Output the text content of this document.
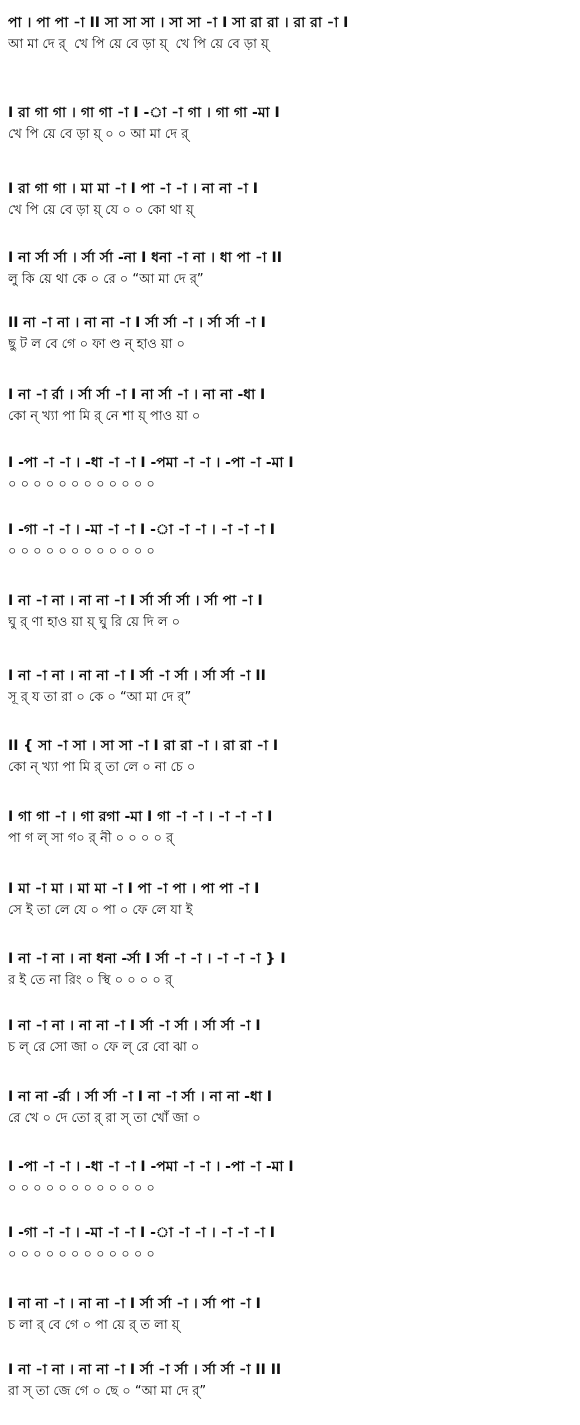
পা । পা পা -া II সা সা সা । সা সা -া I সা রা রা । রা রা -া I
আ মা দে র্  খে পি য়ে বে ড়া য়্  খে পি য়ে বে ড়া য়্
I রা গা গা । গা গা -া I -া -া গা । গা গা -মা I
খে পি য়ে বে ড়া য়্ ০ ০ আ মা দে র্
I রা গা গা । মা মা -া I পা -া -া । না না -া I
খে পি য়ে বে ড়া য়্ যে ০ ০ কো থা য়্
I না র্সা র্সা । র্সা র্সা -না I ধনা -া না । ধা পা -া II
লু কি য়ে থা কে ০ রে ০ “আ মা দে র্”
II না -া না । না না -া I র্সা র্সা -া । র্সা র্সা -া I
ছু ট ল বে গে ০ ফা ণ্ড ন্ হাও য়া ০
I না -া র্রা । র্সা র্সা -া I না র্সা -া । না না -ধা I
কো ন্ খ্যা পা মি র্ নে শা য়্ পাও য়া ০
I -পা -া -া । -ধা -া -া I -পমা -া -া । -পা -া -মা I
০ ০ ০ ০ ০ ০ ০ ০ ০ ০ ০ ০
I -গা -া -া । -মা -া -া I -া -া -া । -া -া -া I
০ ০ ০ ০ ০ ০ ০ ০ ০ ০ ০ ০
I না -া না । না না -া I র্সা র্সা র্সা । র্সা পা -া I
ঘু র্ ণা হাও য়া য়্ ঘু রি য়ে দি ল ০
I না -া না । না না -া I র্সা -া র্সা । র্সা র্সা -া II
সূ র্ য তা রা ০ কে ০ “আ মা দে র্”
II { সা -া সা । সা সা -া I রা রা -া । রা রা -া I
কো ন্ খ্যা পা মি র্ তা লে ০ না চে ০
I গা গা -া । গা রগা -মা I গা -া -া । -া -া -া I
পা গ ল্ সা গ০ র্ নী ০ ০ ০ ০ র্
I মা -া মা । মা মা -া I পা -া পা । পা পা -া I
সে ই তা লে যে ০ পা ০ ফে লে যা ই
I না -া না । না ধনা -র্সা I র্সা -া -া । -া -া -া } I
র ই তে না রিং ০ স্থি ০ ০ ০ ০ র্
I না -া না । না না -া I র্সা -া র্সা । র্সা র্সা -া I
চ ল্ রে সো জা ০ ফে ল্ রে বো ঝা ০
I না না -র্রা । র্সা র্সা -া I না -া র্সা । না না -ধা I
রে খে ০ দে তো র্ রা স্ তা খোঁ জা ০
I -পা -া -া । -ধা -া -া I -পমা -া -া । -পা -া -মা I
০ ০ ০ ০ ০ ০ ০ ০ ০ ০ ০ ০
I -গা -া -া । -মা -া -া I -া -া -া । -া -া -া I
০ ০ ০ ০ ০ ০ ০ ০ ০ ০ ০ ০
I না না -া । না না -া I র্সা র্সা -া । র্সা পা -া I
চ লা র্ বে গে ০ পা য়ে র্ ত লা য়্
I না -া না । না না -া I র্সা -া র্সা । র্সা র্সা -া II II
রা স্ তা জে গে ০ ছে ০ “আ মা দে র্”
